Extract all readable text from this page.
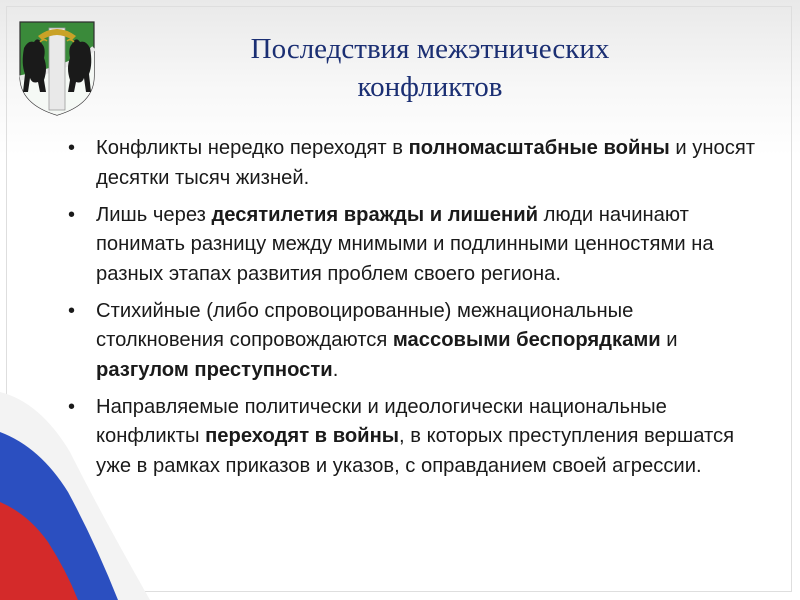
Последствия межэтнических
конфликтов
• Конфликты нередко переходят в полномасштабные войны и уносят десятки тысяч жизней.
• Лишь через десятилетия вражды и лишений люди начинают понимать разницу между мнимыми и подлинными ценностями на разных этапах развития проблем своего региона.
• Стихийные (либо спровоцированные) межнациональные столкновения сопровождаются массовыми беспорядками и разгулом преступности.
• Направляемые политически и идеологически национальные конфликты переходят в войны, в которых преступления вершатся уже в рамках приказов и указов, с оправданием своей агрессии.
